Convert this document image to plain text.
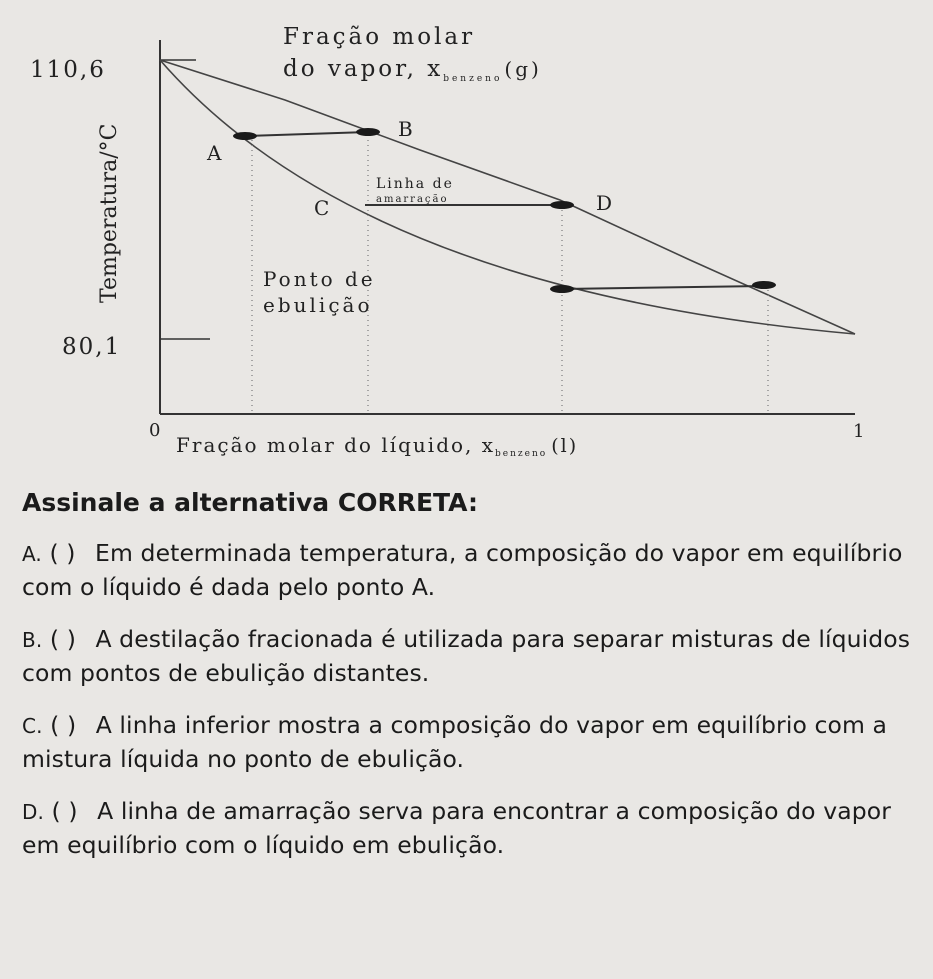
Fração molar
do vapor, $x_{benzeno}$ (g)
110,6
80,1
Temperatura/°C
Fração molar do líquido, $x_{benzeno}$ (l)
0	1
A
B
C	D
Linha de
amarração
Ponto de
ebulição
Assinale a alternativa CORRETA:
A. ( ) Em determinada temperatura, a composição do vapor em equilíbrio com o líquido é dada pelo ponto A.
B. ( ) A destilação fracionada é utilizada para separar misturas de líquidos com pontos de ebulição distantes.
C. ( ) A linha inferior mostra a composição do vapor em equilíbrio com a mistura líquida no ponto de ebulição.
D. ( ) A linha de amarração serva para encontrar a composição do vapor em equilíbrio com o líquido em ebulição.
